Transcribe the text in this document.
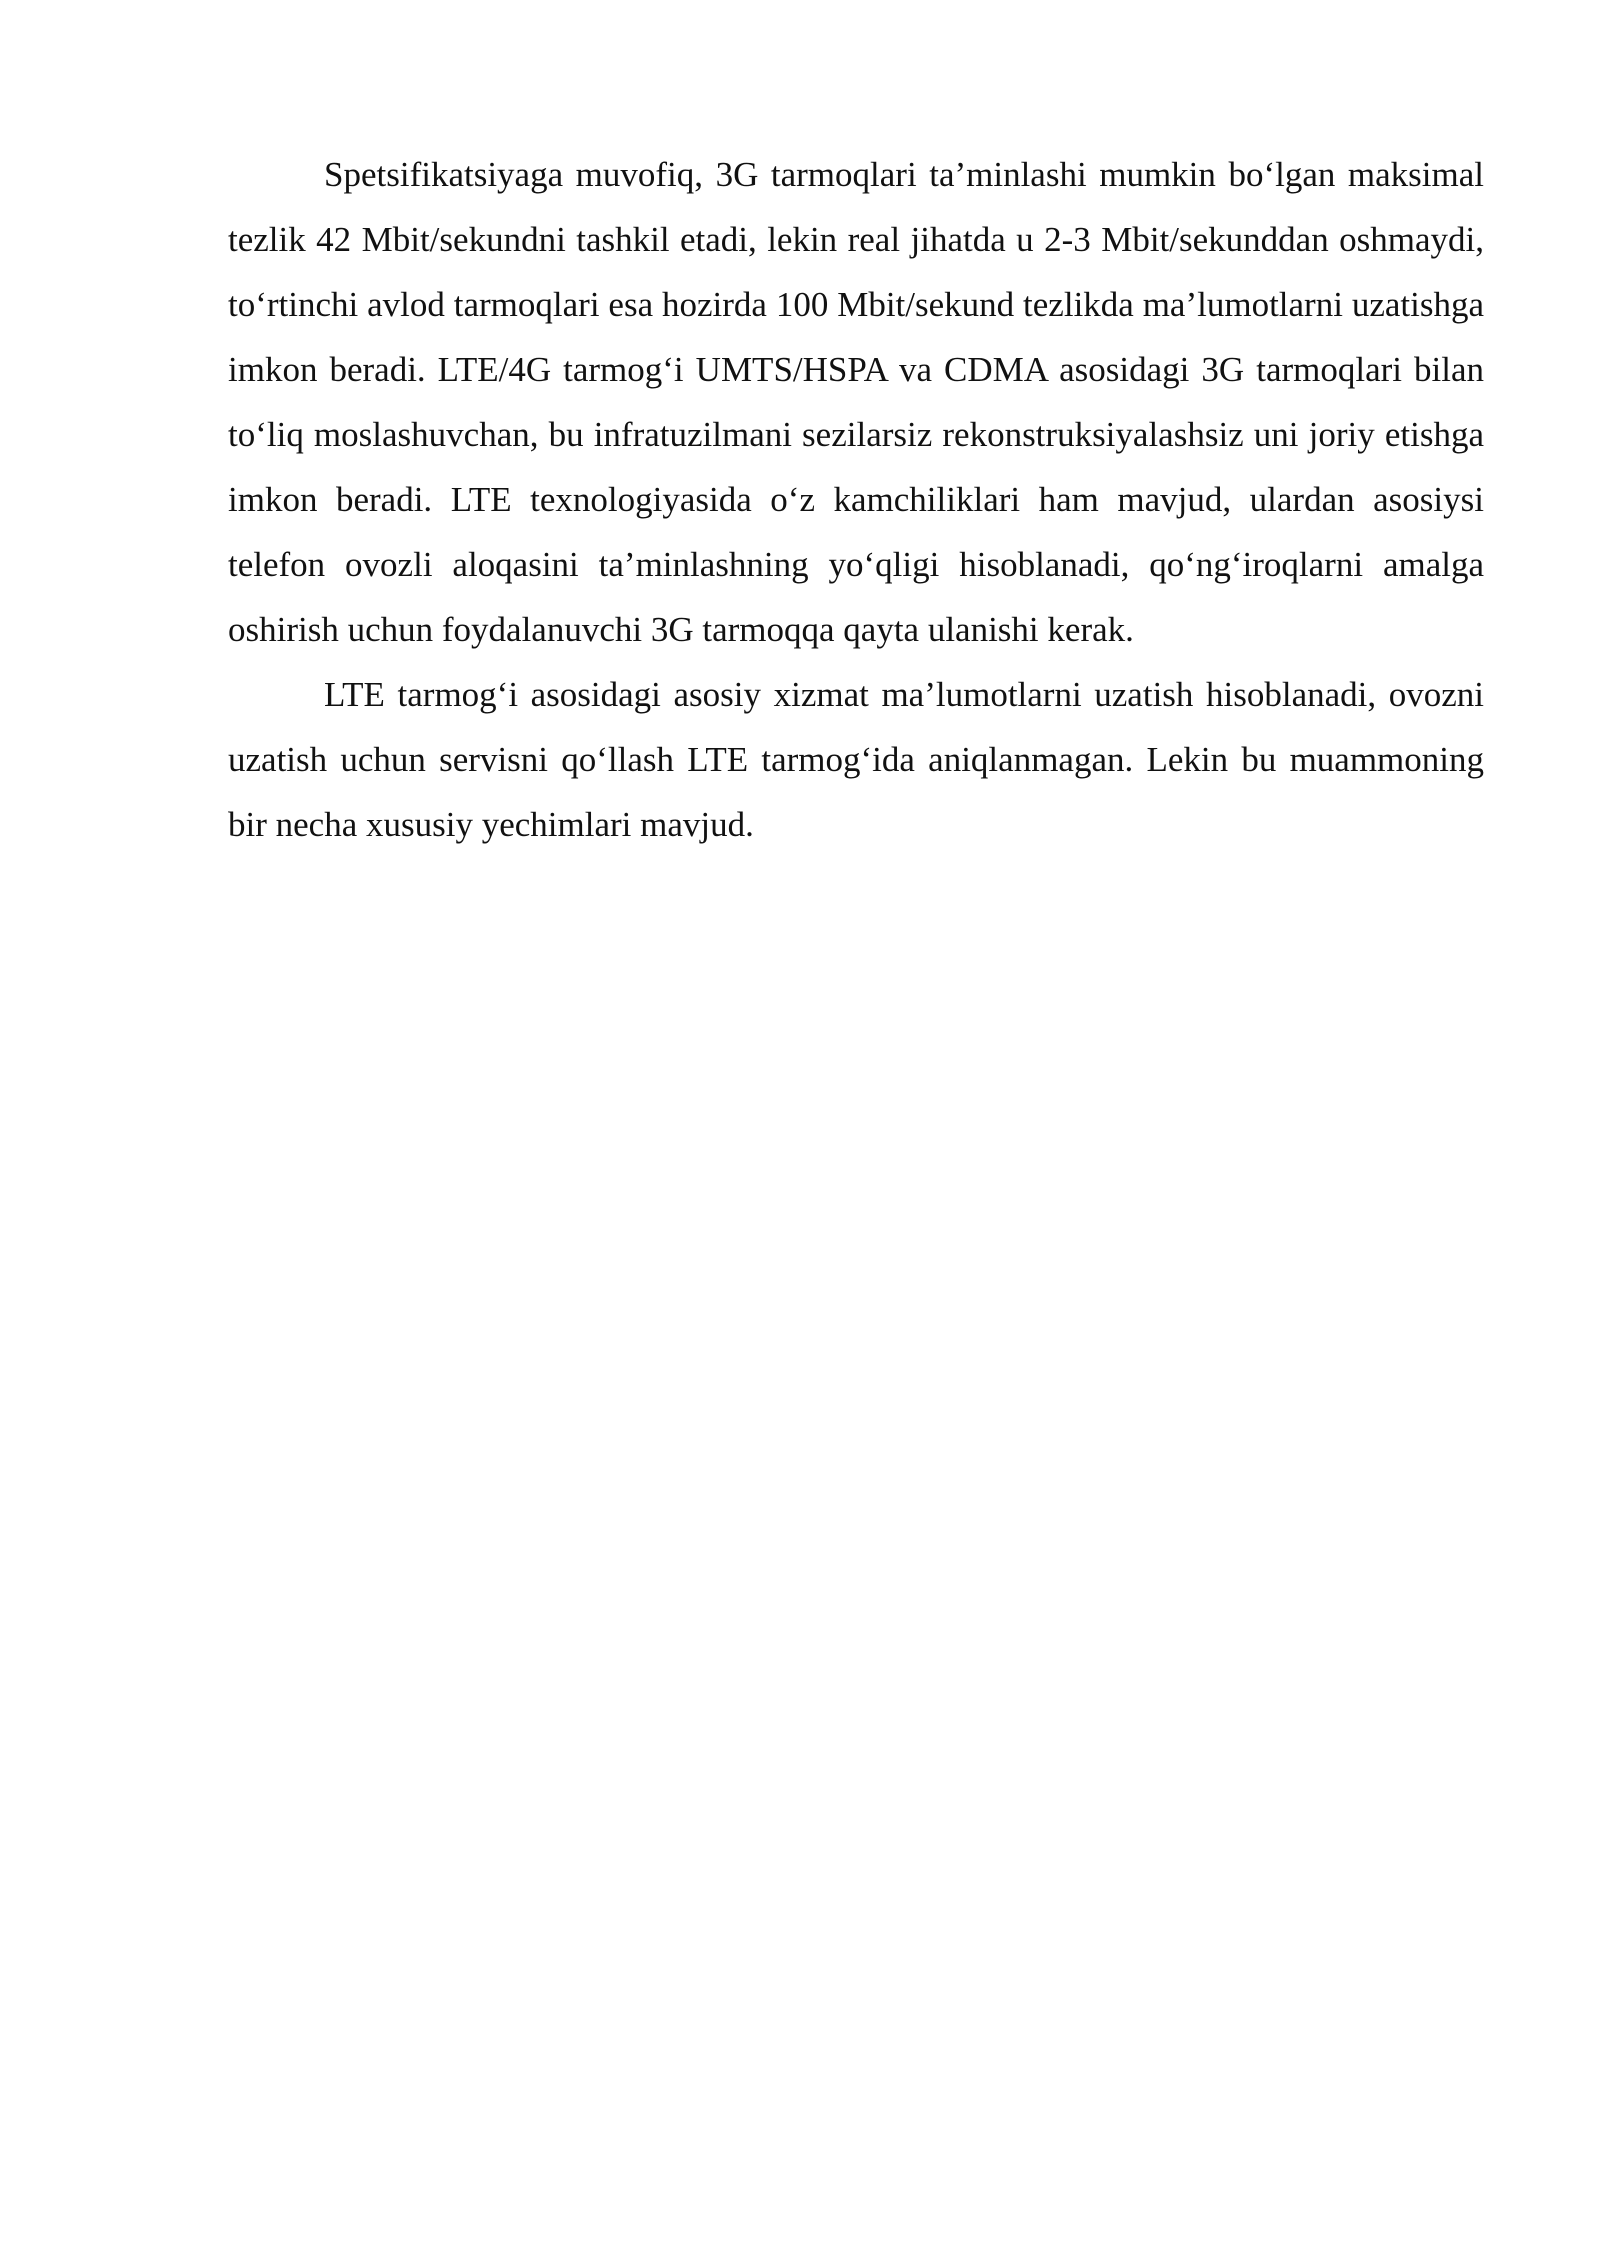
Spetsifikatsiyaga muvofiq, 3G tarmoqlari ta’minlashi mumkin bo‘lgan maksimal tezlik 42 Mbit/sekundni tashkil etadi, lekin real jihatda u 2-3 Mbit/sekunddan oshmaydi, to‘rtinchi avlod tarmoqlari esa hozirda 100 Mbit/sekund tezlikda ma’lumotlarni uzatishga imkon beradi. LTE/4G tarmog‘i UMTS/HSPA va CDMA asosidagi 3G tarmoqlari bilan to‘liq moslashuvchan, bu infratuzilmani sezilarsiz rekonstruksiyalashsiz uni joriy etishga imkon beradi. LTE texnologiyasida o‘z kamchiliklari ham mavjud, ulardan asosiysi telefon ovozli aloqasini ta’minlashning yo‘qligi hisoblanadi, qo‘ng‘iroqlarni amalga oshirish uchun foydalanuvchi 3G tarmoqqa qayta ulanishi kerak.

LTE tarmog‘i asosidagi asosiy xizmat ma’lumotlarni uzatish hisoblanadi, ovozni uzatish uchun servisni qo‘llash LTE tarmog‘ida aniqlanmagan. Lekin bu muammoning bir necha xususiy yechimlari mavjud.
